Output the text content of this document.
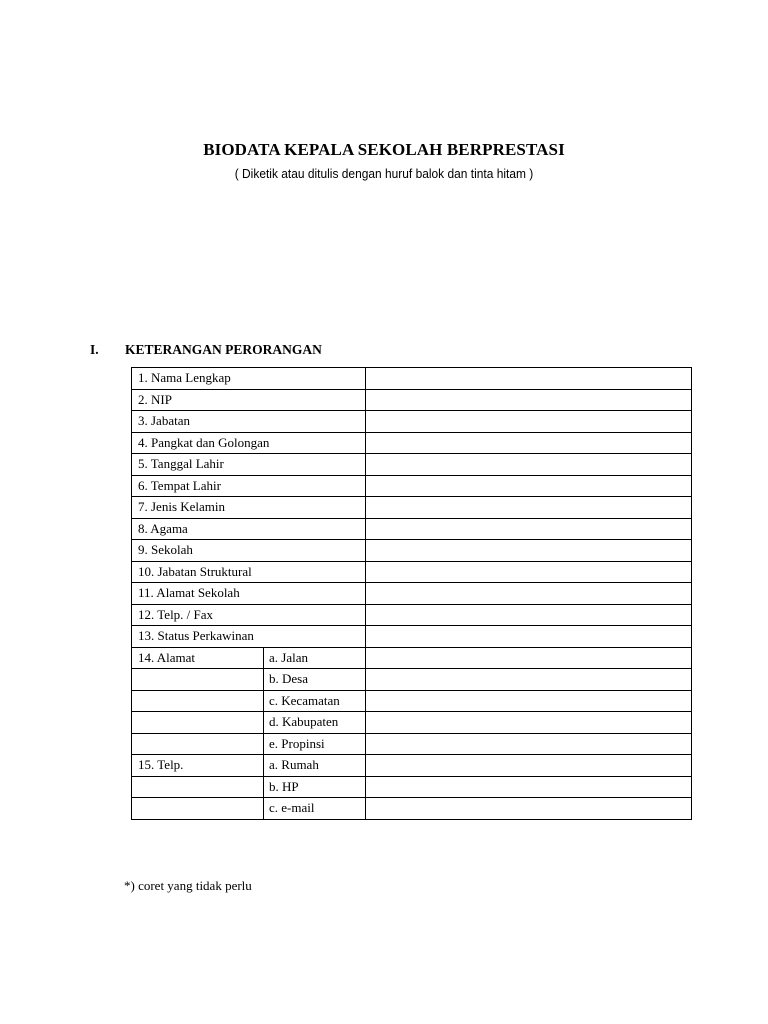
BIODATA KEPALA SEKOLAH BERPRESTASI
( Diketik atau ditulis dengan huruf balok dan tinta hitam )
I. KETERANGAN PERORANGAN
1. Nama Lengkap		
2. NIP		
3. Jabatan		
4. Pangkat dan Golongan		
5. Tanggal Lahir		
6. Tempat Lahir		
7. Jenis Kelamin		
8. Agama		
9. Sekolah		
10. Jabatan Struktural		
11. Alamat Sekolah		
12. Telp. / Fax		
13. Status Perkawinan		
14. Alamat	a. Jalan	
	b. Desa	
	c. Kecamatan	
	d. Kabupaten	
	e. Propinsi	
15. Telp.	a. Rumah	
	b. HP	
	c. e-mail	
*) coret yang tidak perlu
